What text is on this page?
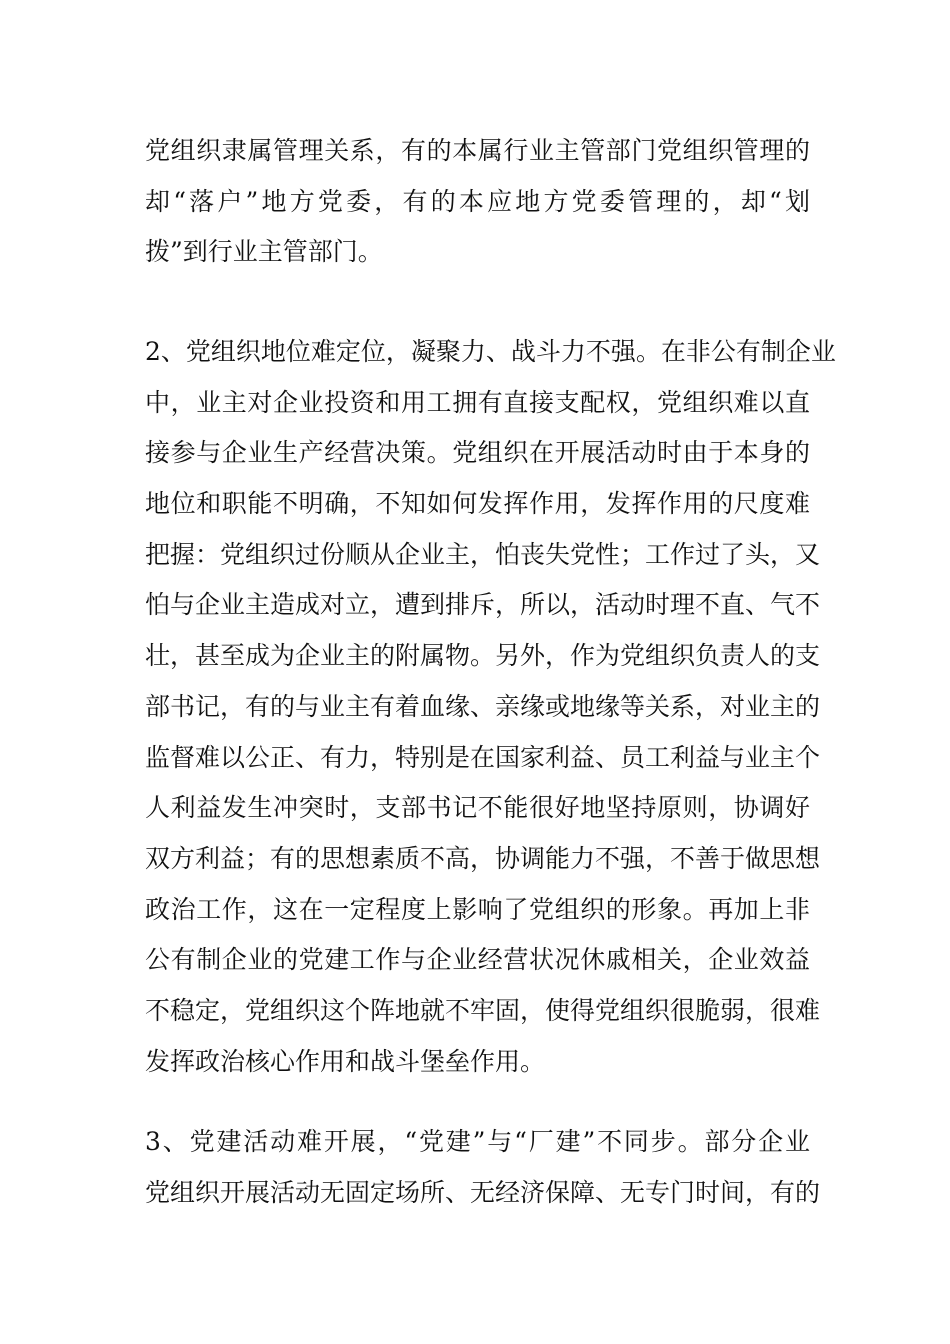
党组织隶属管理关系，有的本属行业主管部门党组织管理的
却“落户”地方党委，有的本应地方党委管理的，却“划
拨”到行业主管部门。
2、党组织地位难定位，凝聚力、战斗力不强。在非公有制企业
中，业主对企业投资和用工拥有直接支配权，党组织难以直
接参与企业生产经营决策。党组织在开展活动时由于本身的
地位和职能不明确，不知如何发挥作用，发挥作用的尺度难
把握：党组织过份顺从企业主，怕丧失党性；工作过了头，又
怕与企业主造成对立，遭到排斥，所以，活动时理不直、气不
壮，甚至成为企业主的附属物。另外，作为党组织负责人的支
部书记，有的与业主有着血缘、亲缘或地缘等关系，对业主的
监督难以公正、有力，特别是在国家利益、员工利益与业主个
人利益发生冲突时，支部书记不能很好地坚持原则，协调好
双方利益；有的思想素质不高，协调能力不强，不善于做思想
政治工作，这在一定程度上影响了党组织的形象。再加上非
公有制企业的党建工作与企业经营状况休戚相关，企业效益
不稳定，党组织这个阵地就不牢固，使得党组织很脆弱，很难
发挥政治核心作用和战斗堡垒作用。
3、党建活动难开展，“党建”与“厂建”不同步。部分企业
党组织开展活动无固定场所、无经济保障、无专门时间，有的
